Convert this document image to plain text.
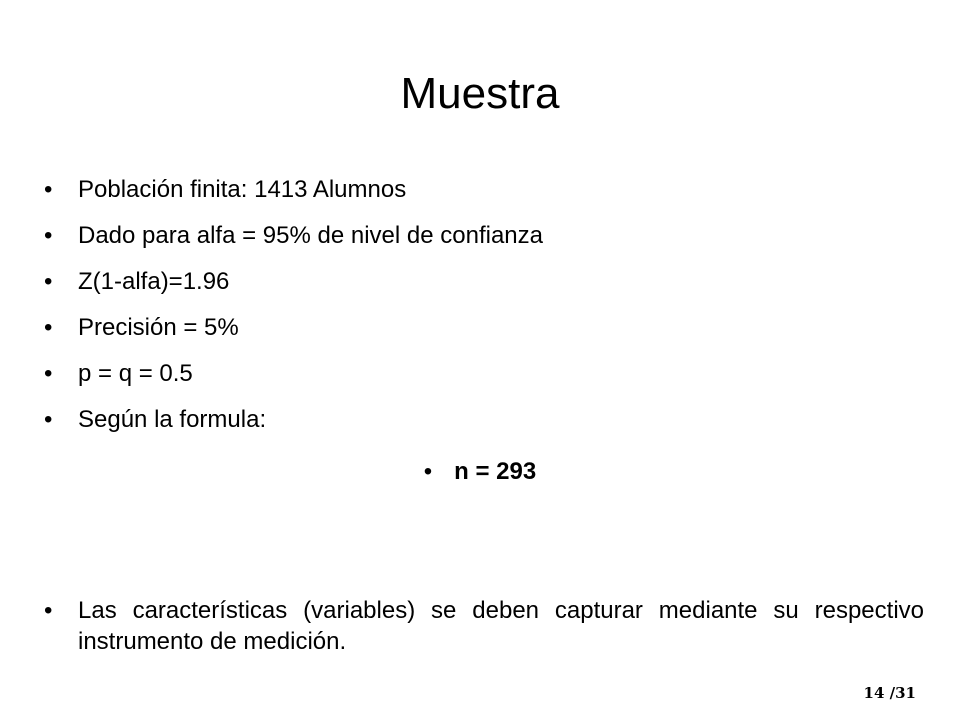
Muestra
•	Población finita: 1413 Alumnos
•	Dado para alfa = 95% de nivel de confianza
•	Z(1-alfa)=1.96
•	Precisión = 5%
•	p = q = 0.5
•	Según la formula:
• n = 293
• Las características (variables) se deben capturar mediante su respectivo instrumento de medición.
14 /31
